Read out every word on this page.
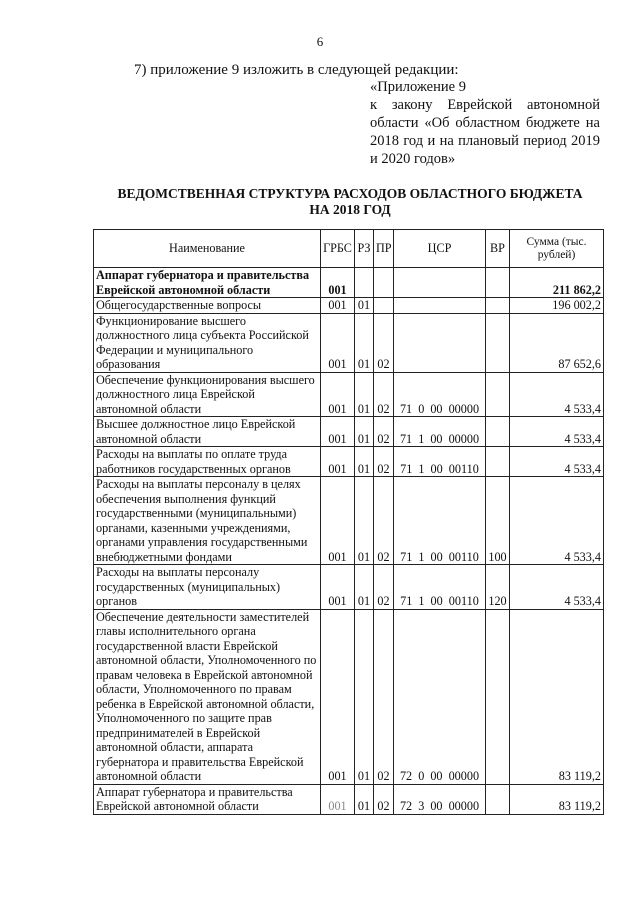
6
7) приложение 9 изложить в следующей редакции:
«Приложение 9
к закону Еврейской автономной области «Об областном бюджете на 2018 год и на плановый период 2019 и 2020 годов»
ВЕДОМСТВЕННАЯ СТРУКТУРА РАСХОДОВ ОБЛАСТНОГО БЮДЖЕТА
НА 2018 ГОД
Наименование	ГРБС	РЗ	ПР	ЦСР	ВР	Сумма (тыс. рублей)
Аппарат губернатора и правительства Еврейской автономной области	001					211 862,2
Общегосударственные вопросы	001	01				196 002,2
Функционирование высшего должностного лица субъекта Российской Федерации и муниципального образования	001	01	02			87 652,6
Обеспечение функционирования высшего должностного лица Еврейской автономной области	001	01	02	71 0 00 00000		4 533,4
Высшее должностное лицо Еврейской автономной области	001	01	02	71 1 00 00000		4 533,4
Расходы на выплаты по оплате труда работников государственных органов	001	01	02	71 1 00 00110		4 533,4
Расходы на выплаты персоналу в целях обеспечения выполнения функций государственными (муниципальными) органами, казенными учреждениями, органами управления государственными внебюджетными фондами	001	01	02	71 1 00 00110	100	4 533,4
Расходы на выплаты персоналу государственных (муниципальных) органов	001	01	02	71 1 00 00110	120	4 533,4
Обеспечение деятельности заместителей главы исполнительного органа государственной власти Еврейской автономной области, Уполномоченного по правам человека в Еврейской автономной области, Уполномоченного по правам ребенка в Еврейской автономной области, Уполномоченного по защите прав предпринимателей в Еврейской автономной области, аппарата губернатора и правительства Еврейской автономной области	001	01	02	72 0 00 00000		83 119,2
Аппарат губернатора и правительства Еврейской автономной области	001	01	02	72 3 00 00000		83 119,2
